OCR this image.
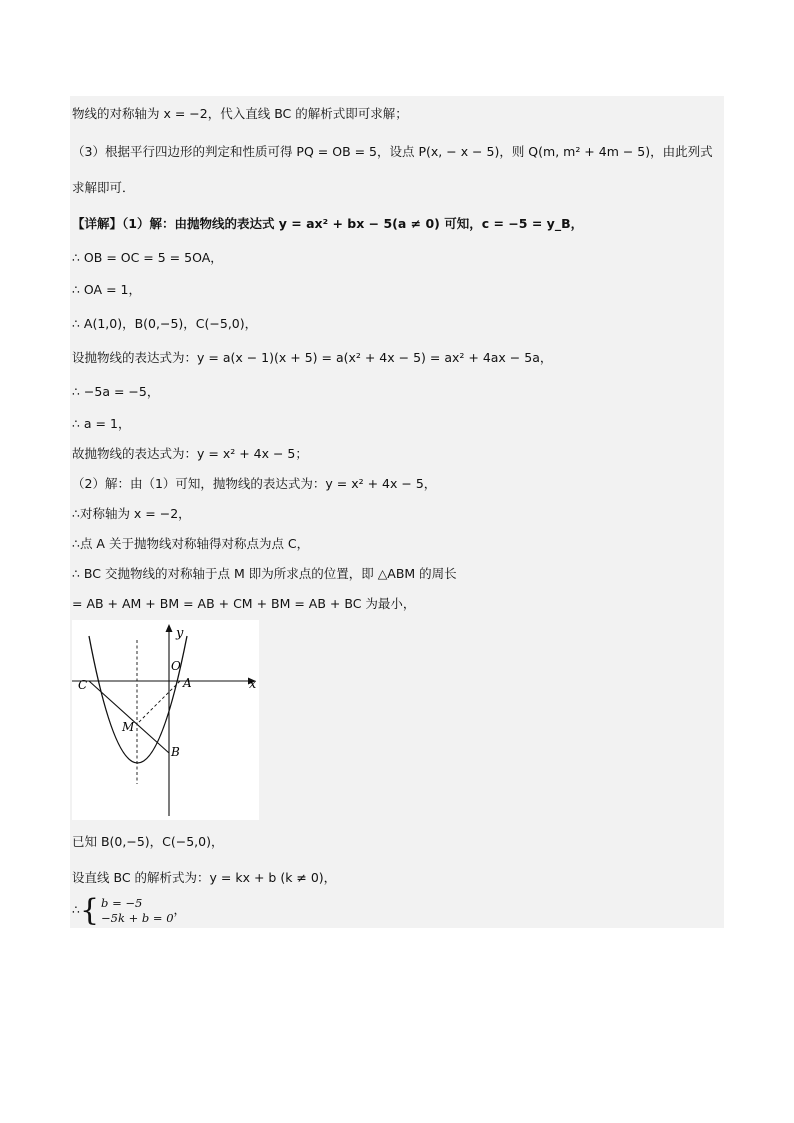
物线的对称轴为 x = −2，代入直线 BC 的解析式即可求解；
（3）根据平行四边形的判定和性质可得 PQ = OB = 5，设点 P(x, − x − 5)，则 Q(m, m² + 4m − 5)，由此列式
求解即可．
【详解】（1）解：由抛物线的表达式 y = ax² + bx − 5(a ≠ 0) 可知，c = −5 = y_B，
∴ OB = OC = 5 = 5OA，
∴ OA = 1，
∴ A(1,0)，B(0,−5)，C(−5,0)，
设抛物线的表达式为：y = a(x − 1)(x + 5) = a(x² + 4x − 5) = ax² + 4ax − 5a，
∴ −5a = −5，
∴ a = 1，
故抛物线的表达式为：y = x² + 4x − 5；
（2）解：由（1）可知，抛物线的表达式为：y = x² + 4x − 5，
∴对称轴为 x = −2，
∴点 A 关于抛物线对称轴得对称点为点 C，
∴ BC 交抛物线的对称轴于点 M 即为所求点的位置，即 △ABM 的周长
= AB + AM + BM = AB + CM + BM = AB + BC 为最小，
y
x
O
C	A
M
B
已知 B(0,−5)，C(−5,0)，
设直线 BC 的解析式为：y = kx + b (k ≠ 0)，
∴ { b = −5
−5k + b = 0
，
